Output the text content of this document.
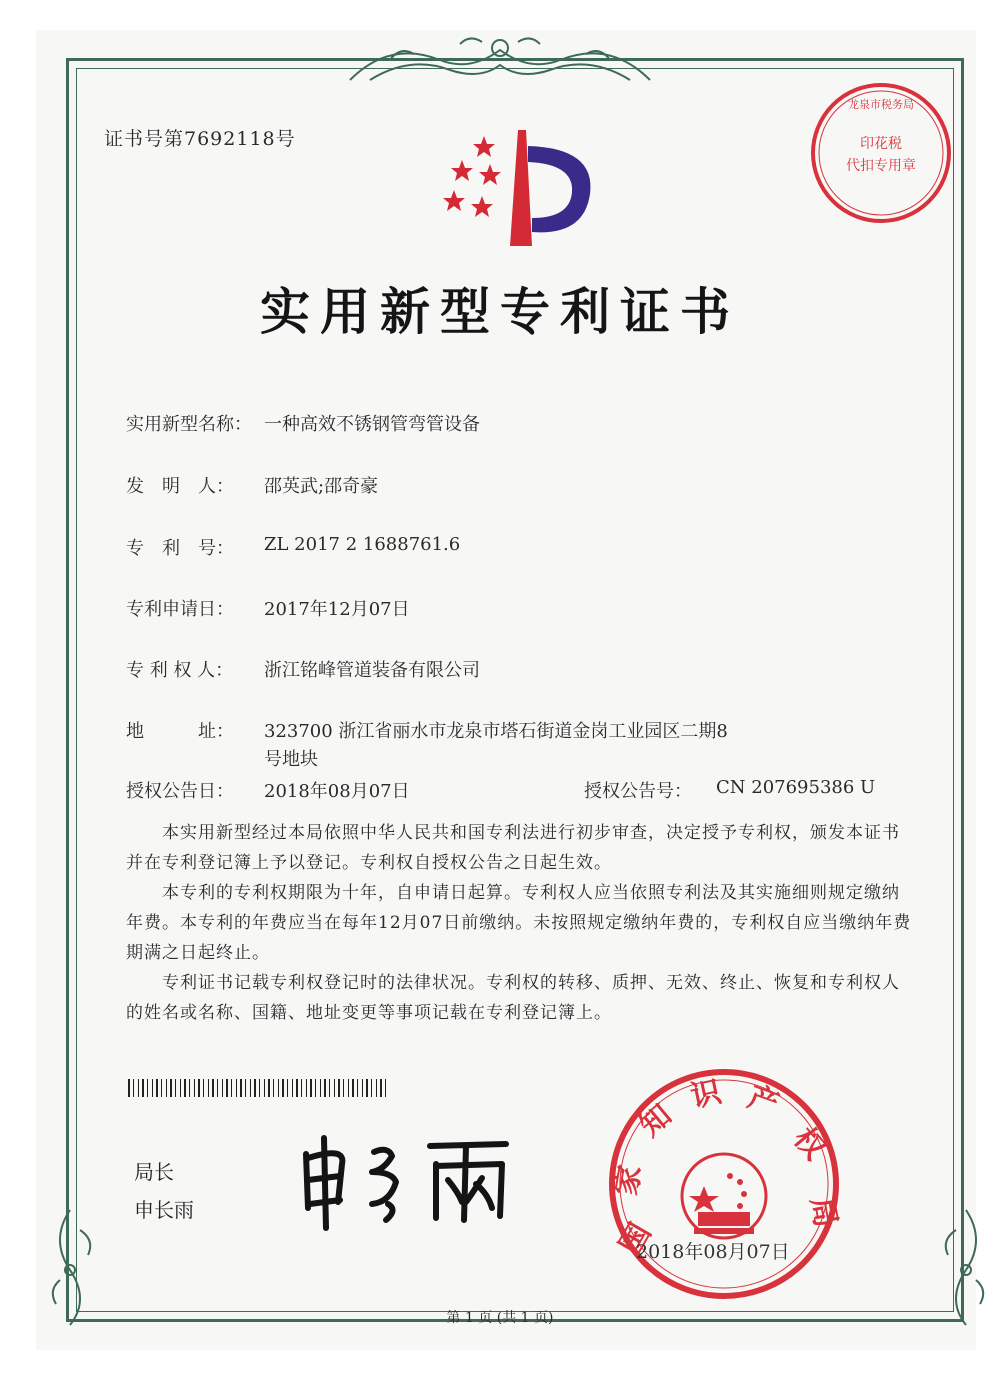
证书号第7692118号	印花税
代扣专用章
龙泉市税务局
实用新型专利证书
实用新型名称： 一种高效不锈钢管弯管设备
发　明　人： 邵英武;邵奇豪
专　利　号： ZL 2017 2 1688761.6
专利申请日： 2017年12月07日
专 利 权 人： 浙江铭峰管道装备有限公司
地　　　址： 323700 浙江省丽水市龙泉市塔石街道金岗工业园区二期8
号地块
授权公告日： 2018年08月07日	授权公告号： CN 207695386 U
　　本实用新型经过本局依照中华人民共和国专利法进行初步审查，决定授予专利权，颁发本证书并在专利登记簿上予以登记。专利权自授权公告之日起生效。
　　本专利的专利权期限为十年，自申请日起算。专利权人应当依照专利法及其实施细则规定缴纳年费。本专利的年费应当在每年12月07日前缴纳。未按照规定缴纳年费的，专利权自应当缴纳年费期满之日起终止。
　　专利证书记载专利权登记时的法律状况。专利权的转移、质押、无效、终止、恢复和专利权人的姓名或名称、国籍、地址变更等事项记载在专利登记簿上。
局长
申长雨
国
家
知
识 产
权
局
2018年08月07日
第 1 页 (共 1 页)
